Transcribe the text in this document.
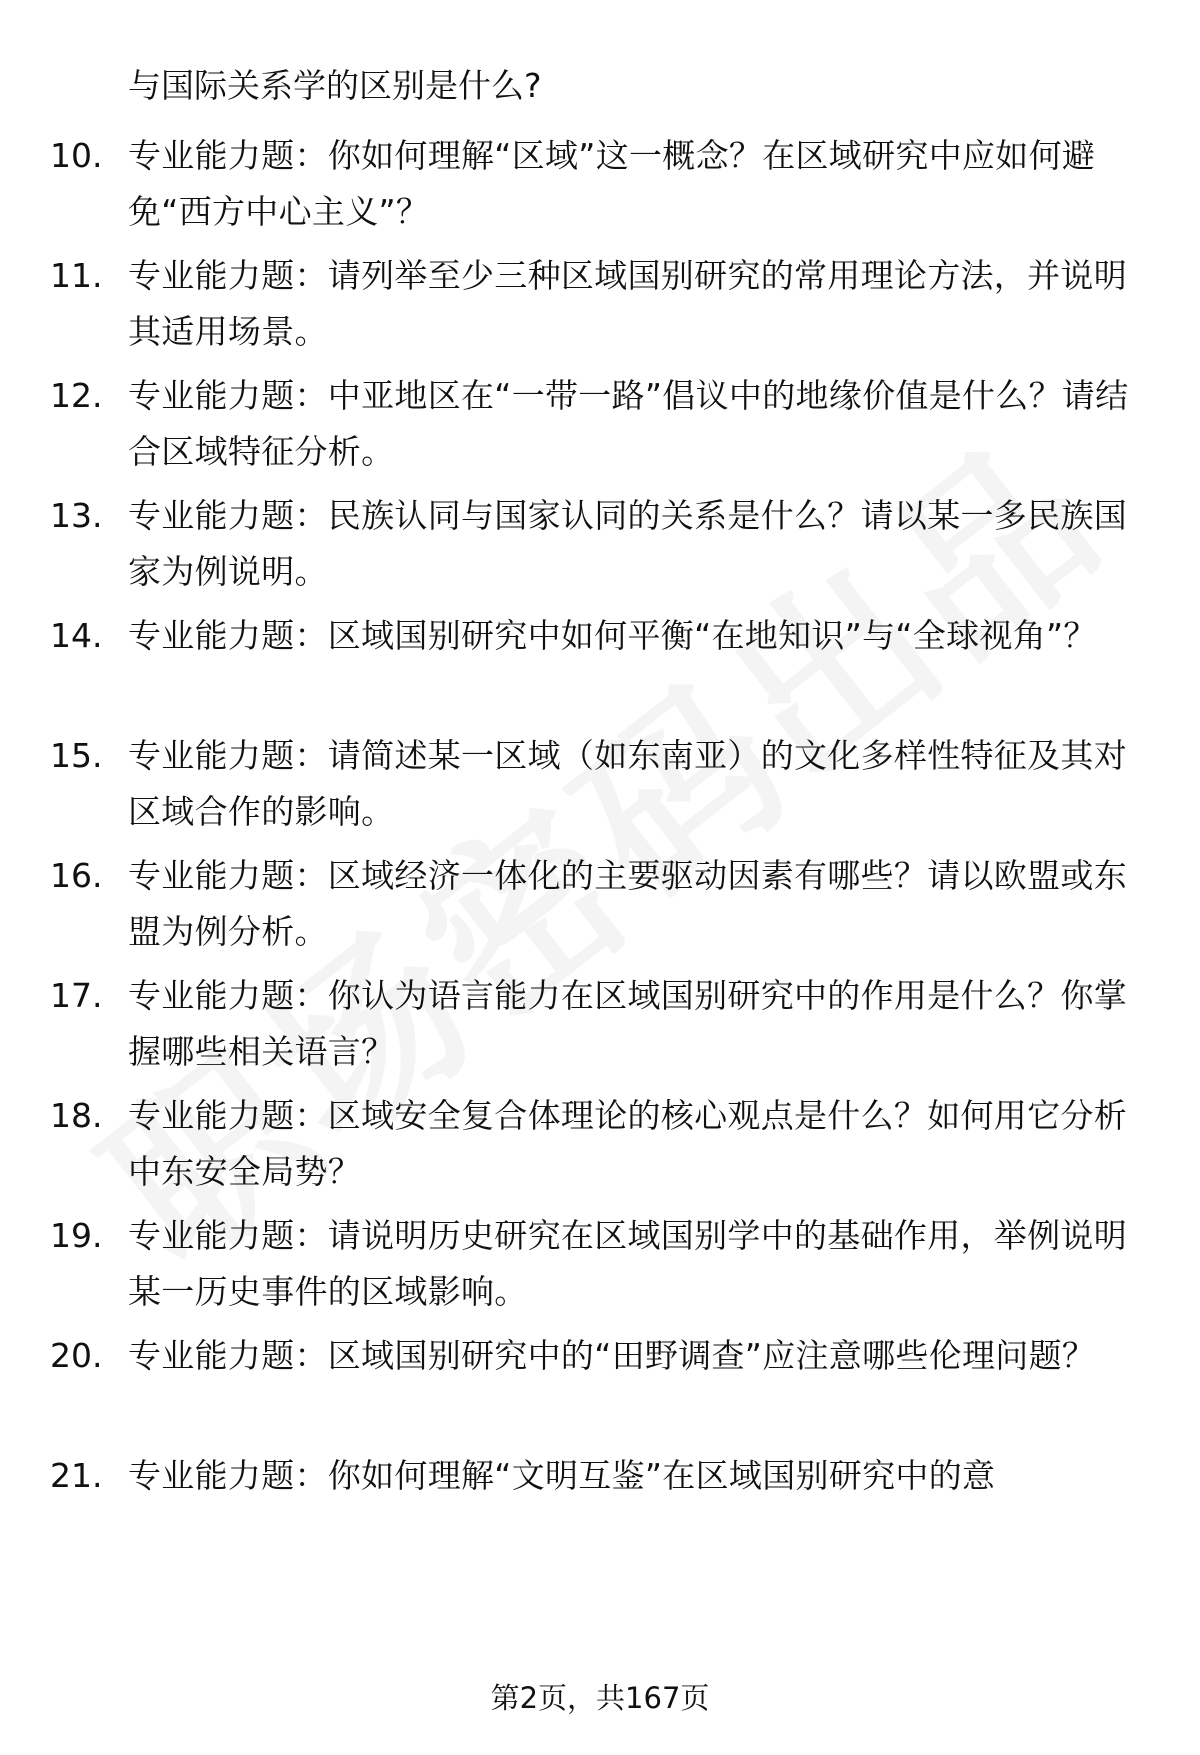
与国际关系学的区别是什么?
10. 专业能力题：你如何理解“区域”这一概念？在区域研究中应如何避免“西方中心主义”？
11. 专业能力题：请列举至少三种区域国别研究的常用理论方法，并说明其适用场景。
12. 专业能力题：中亚地区在“一带一路”倡议中的地缘价值是什么？请结合区域特征分析。
13. 专业能力题：民族认同与国家认同的关系是什么？请以某一多民族国家为例说明。
14. 专业能力题：区域国别研究中如何平衡“在地知识”与“全球视角”？
15. 专业能力题：请简述某一区域（如东南亚）的文化多样性特征及其对区域合作的影响。
16. 专业能力题：区域经济一体化的主要驱动因素有哪些？请以欧盟或东盟为例分析。
17. 专业能力题：你认为语言能力在区域国别研究中的作用是什么？你掌握哪些相关语言？
18. 专业能力题：区域安全复合体理论的核心观点是什么？如何用它分析中东安全局势？
19. 专业能力题：请说明历史研究在区域国别学中的基础作用，举例说明某一历史事件的区域影响。
20. 专业能力题：区域国别研究中的“田野调查”应注意哪些伦理问题？
21. 专业能力题：你如何理解“文明互鉴”在区域国别研究中的意
第2页，共167页
